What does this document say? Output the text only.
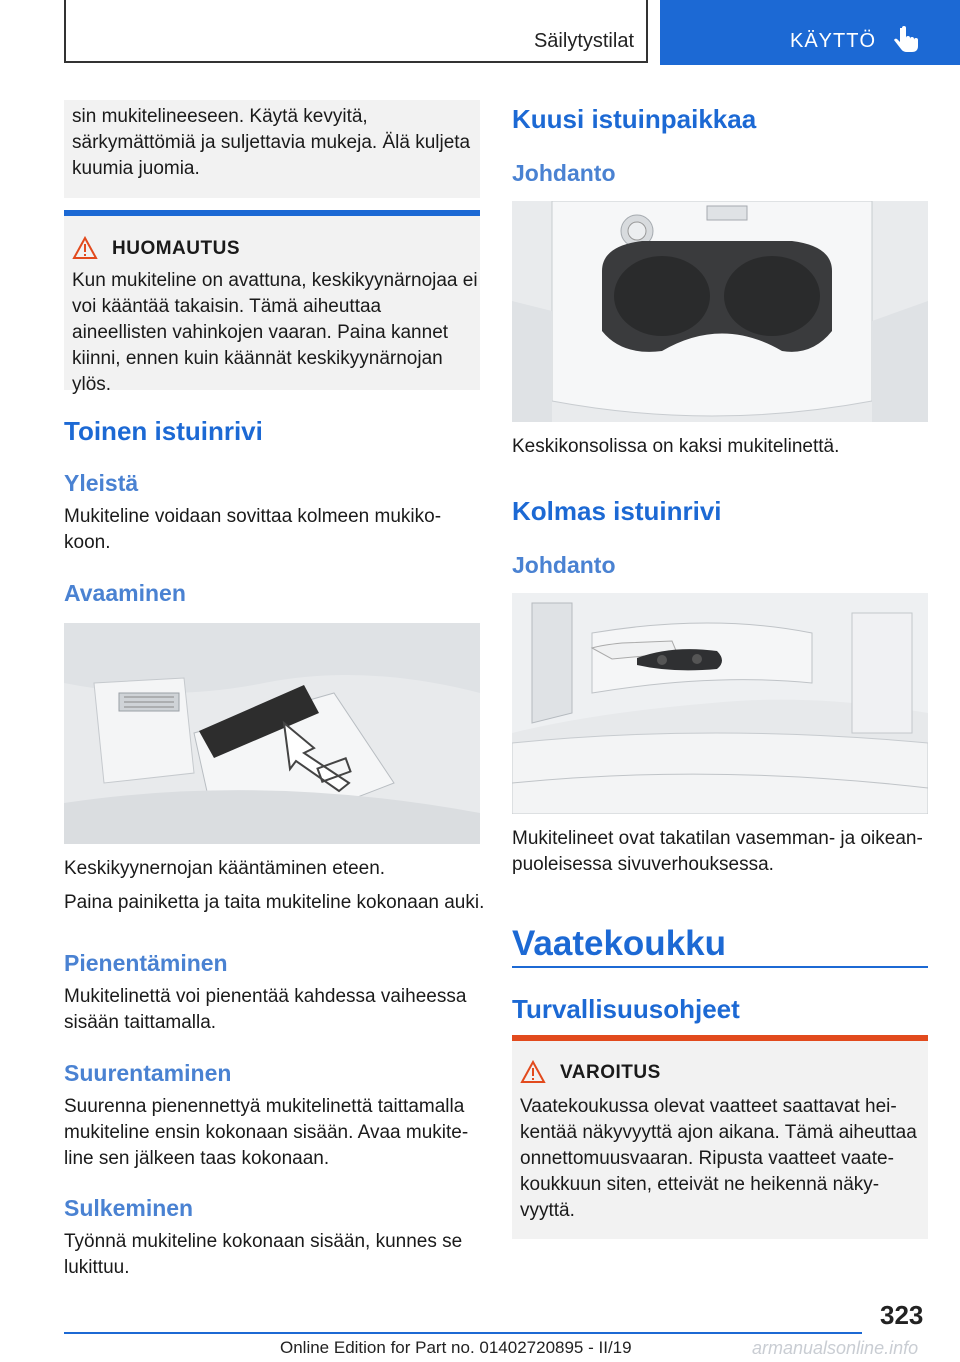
Säilytystilat	KÄYTTÖ

sin mukitelineeseen. Käytä kevyitä, särkymättömiä ja suljettavia mukeja. Älä kuljeta kuumia juomia.

HUOMAUTUS

Kun mukiteline on avattuna, keskikyynärnojaa ei voi kääntää takaisin. Tämä aiheuttaa aineellisten vahinkojen vaaran. Paina kannet kiinni, ennen kuin käännät keskikyynärnojan ylös.

Toinen istuinrivi
Yleistä

Mukiteline voidaan sovittaa kolmeen mukikokoon.

Avaaminen

Keskikyynernojan kääntäminen eteen.

Paina painiketta ja taita mukiteline kokonaan auki.

Pienentäminen

Mukitelinettä voi pienentää kahdessa vaiheessa sisään taittamalla.

Suurentaminen

Suurenna pienennettyä mukitelinettä taittamalla mukiteline ensin kokonaan sisään. Avaa mukiteline sen jälkeen taas kokonaan.

Sulkeminen

Työnnä mukiteline kokonaan sisään, kunnes se lukittuu.

Kuusi istuinpaikkaa
Johdanto

Keskikonsolissa on kaksi mukitelinettä.

Kolmas istuinrivi
Johdanto

Mukitelineet ovat takatilan vasemman- ja oikeanpuoleisessa sivuverhouksessa.

Vaatekoukku
Turvallisuusohjeet
VAROITUS

Vaatekoukussa olevat vaatteet saattavat heikentää näkyvyyttä ajon aikana. Tämä aiheuttaa onnettomuusvaaran. Ripusta vaatteet vaatekoukkuun siten, etteivät ne heikennä näkyvyyttä.

323
Online Edition for Part no. 01402720895 - II/19	armanualsonline.info
